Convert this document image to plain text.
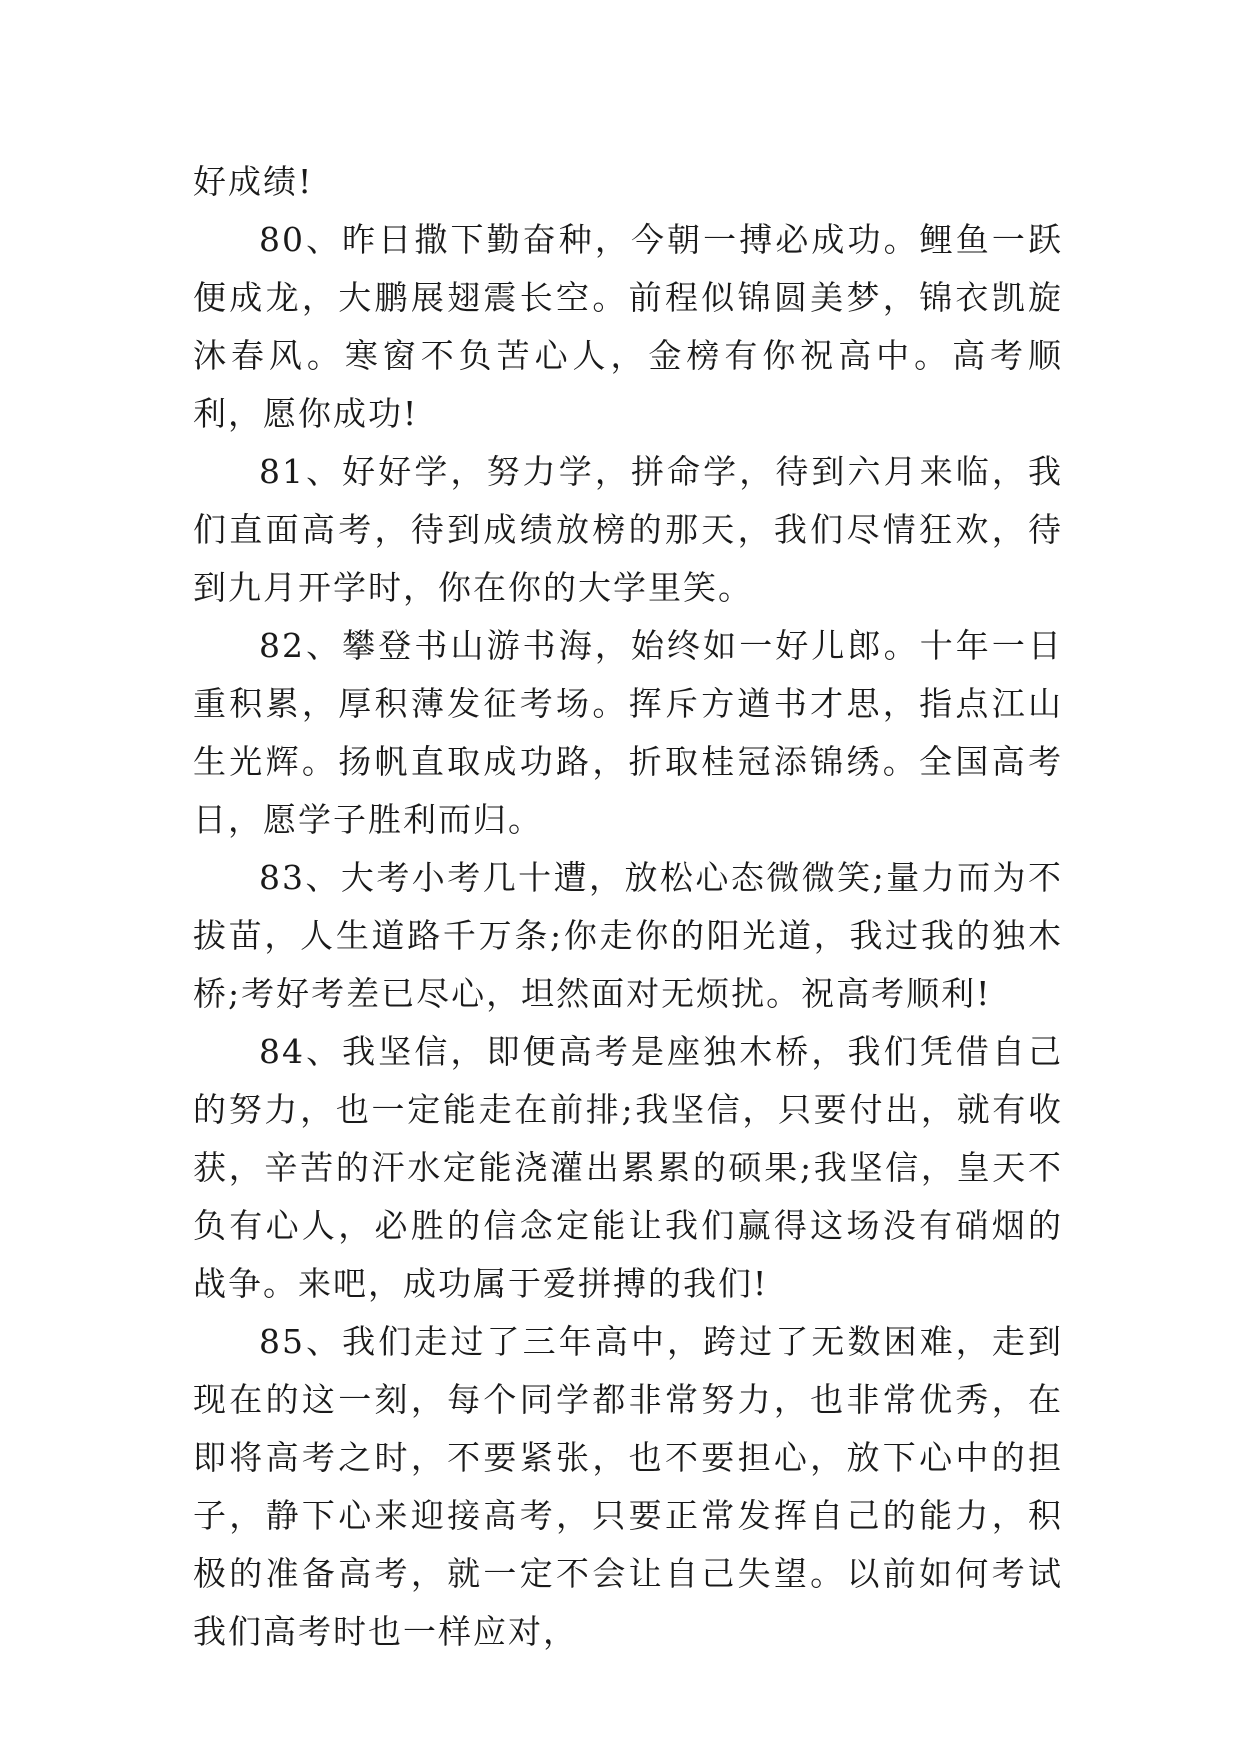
好成绩!

80、昨日撒下勤奋种，今朝一搏必成功。鲤鱼一跃便成龙，大鹏展翅震长空。前程似锦圆美梦，锦衣凯旋沐春风。寒窗不负苦心人，金榜有你祝高中。高考顺利，愿你成功!

81、好好学，努力学，拼命学，待到六月来临，我们直面高考，待到成绩放榜的那天，我们尽情狂欢，待到九月开学时，你在你的大学里笑。

82、攀登书山游书海，始终如一好儿郎。十年一日重积累，厚积薄发征考场。挥斥方遒书才思，指点江山生光辉。扬帆直取成功路，折取桂冠添锦绣。全国高考日，愿学子胜利而归。

83、大考小考几十遭，放松心态微微笑;量力而为不拔苗，人生道路千万条;你走你的阳光道，我过我的独木桥;考好考差已尽心，坦然面对无烦扰。祝高考顺利!

84、我坚信，即便高考是座独木桥，我们凭借自己的努力，也一定能走在前排;我坚信，只要付出，就有收获，辛苦的汗水定能浇灌出累累的硕果;我坚信，皇天不负有心人，必胜的信念定能让我们赢得这场没有硝烟的战争。来吧，成功属于爱拼搏的我们!

85、我们走过了三年高中，跨过了无数困难，走到现在的这一刻，每个同学都非常努力，也非常优秀，在即将高考之时，不要紧张，也不要担心，放下心中的担子，静下心来迎接高考，只要正常发挥自己的能力，积极的准备高考，就一定不会让自己失望。以前如何考试我们高考时也一样应对，
